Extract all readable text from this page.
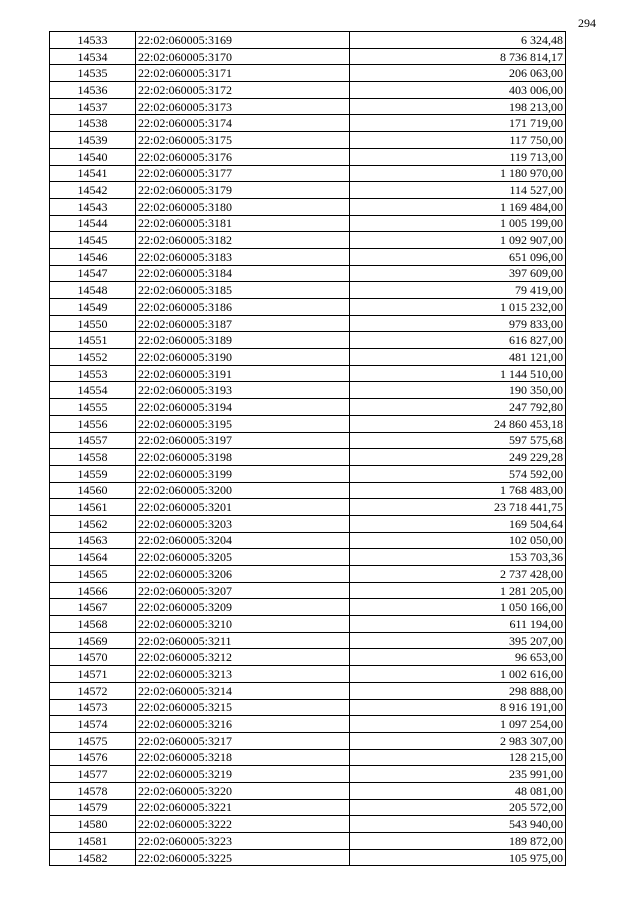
294
14533	22:02:060005:3169	6 324,48
14534	22:02:060005:3170	8 736 814,17
14535	22:02:060005:3171	206 063,00
14536	22:02:060005:3172	403 006,00
14537	22:02:060005:3173	198 213,00
14538	22:02:060005:3174	171 719,00
14539	22:02:060005:3175	117 750,00
14540	22:02:060005:3176	119 713,00
14541	22:02:060005:3177	1 180 970,00
14542	22:02:060005:3179	114 527,00
14543	22:02:060005:3180	1 169 484,00
14544	22:02:060005:3181	1 005 199,00
14545	22:02:060005:3182	1 092 907,00
14546	22:02:060005:3183	651 096,00
14547	22:02:060005:3184	397 609,00
14548	22:02:060005:3185	79 419,00
14549	22:02:060005:3186	1 015 232,00
14550	22:02:060005:3187	979 833,00
14551	22:02:060005:3189	616 827,00
14552	22:02:060005:3190	481 121,00
14553	22:02:060005:3191	1 144 510,00
14554	22:02:060005:3193	190 350,00
14555	22:02:060005:3194	247 792,80
14556	22:02:060005:3195	24 860 453,18
14557	22:02:060005:3197	597 575,68
14558	22:02:060005:3198	249 229,28
14559	22:02:060005:3199	574 592,00
14560	22:02:060005:3200	1 768 483,00
14561	22:02:060005:3201	23 718 441,75
14562	22:02:060005:3203	169 504,64
14563	22:02:060005:3204	102 050,00
14564	22:02:060005:3205	153 703,36
14565	22:02:060005:3206	2 737 428,00
14566	22:02:060005:3207	1 281 205,00
14567	22:02:060005:3209	1 050 166,00
14568	22:02:060005:3210	611 194,00
14569	22:02:060005:3211	395 207,00
14570	22:02:060005:3212	96 653,00
14571	22:02:060005:3213	1 002 616,00
14572	22:02:060005:3214	298 888,00
14573	22:02:060005:3215	8 916 191,00
14574	22:02:060005:3216	1 097 254,00
14575	22:02:060005:3217	2 983 307,00
14576	22:02:060005:3218	128 215,00
14577	22:02:060005:3219	235 991,00
14578	22:02:060005:3220	48 081,00
14579	22:02:060005:3221	205 572,00
14580	22:02:060005:3222	543 940,00
14581	22:02:060005:3223	189 872,00
14582	22:02:060005:3225	105 975,00
